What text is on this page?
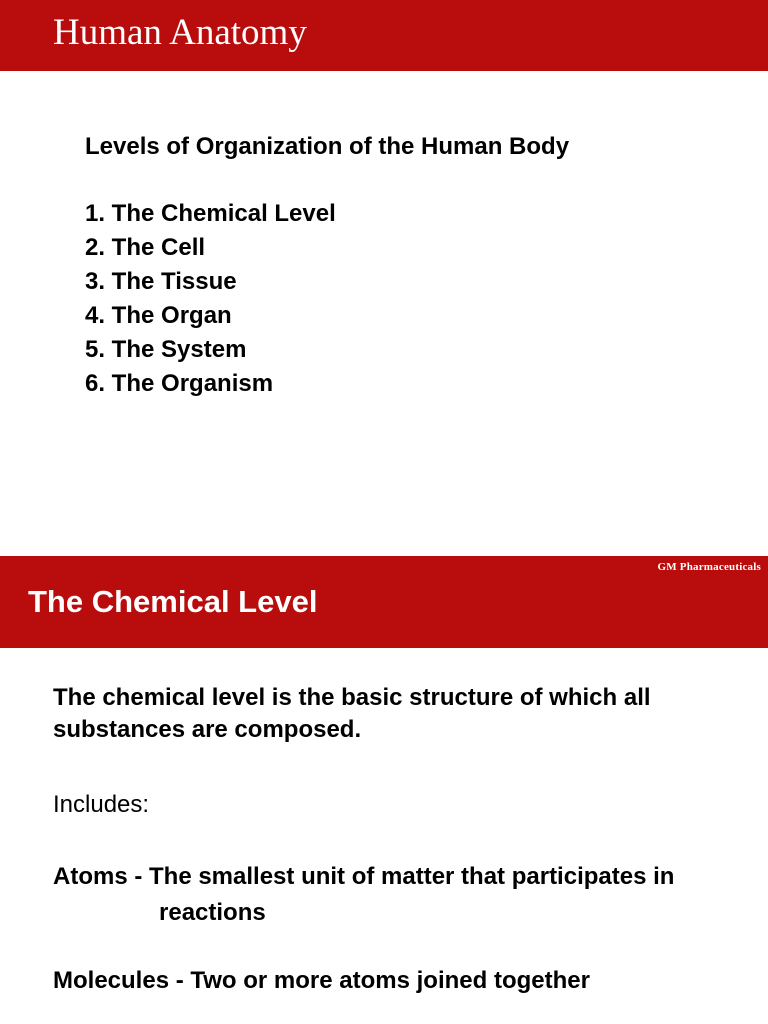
Human Anatomy
Levels of Organization of the Human Body
1. The Chemical Level
2. The Cell
3. The Tissue
4. The Organ
5. The System
6. The Organism
GM Pharmaceuticals
The Chemical Level
The chemical level is the basic structure of which all
substances are composed.
Includes:
Atoms - The smallest unit of matter that participates in
reactions
Molecules - Two or more atoms joined together
